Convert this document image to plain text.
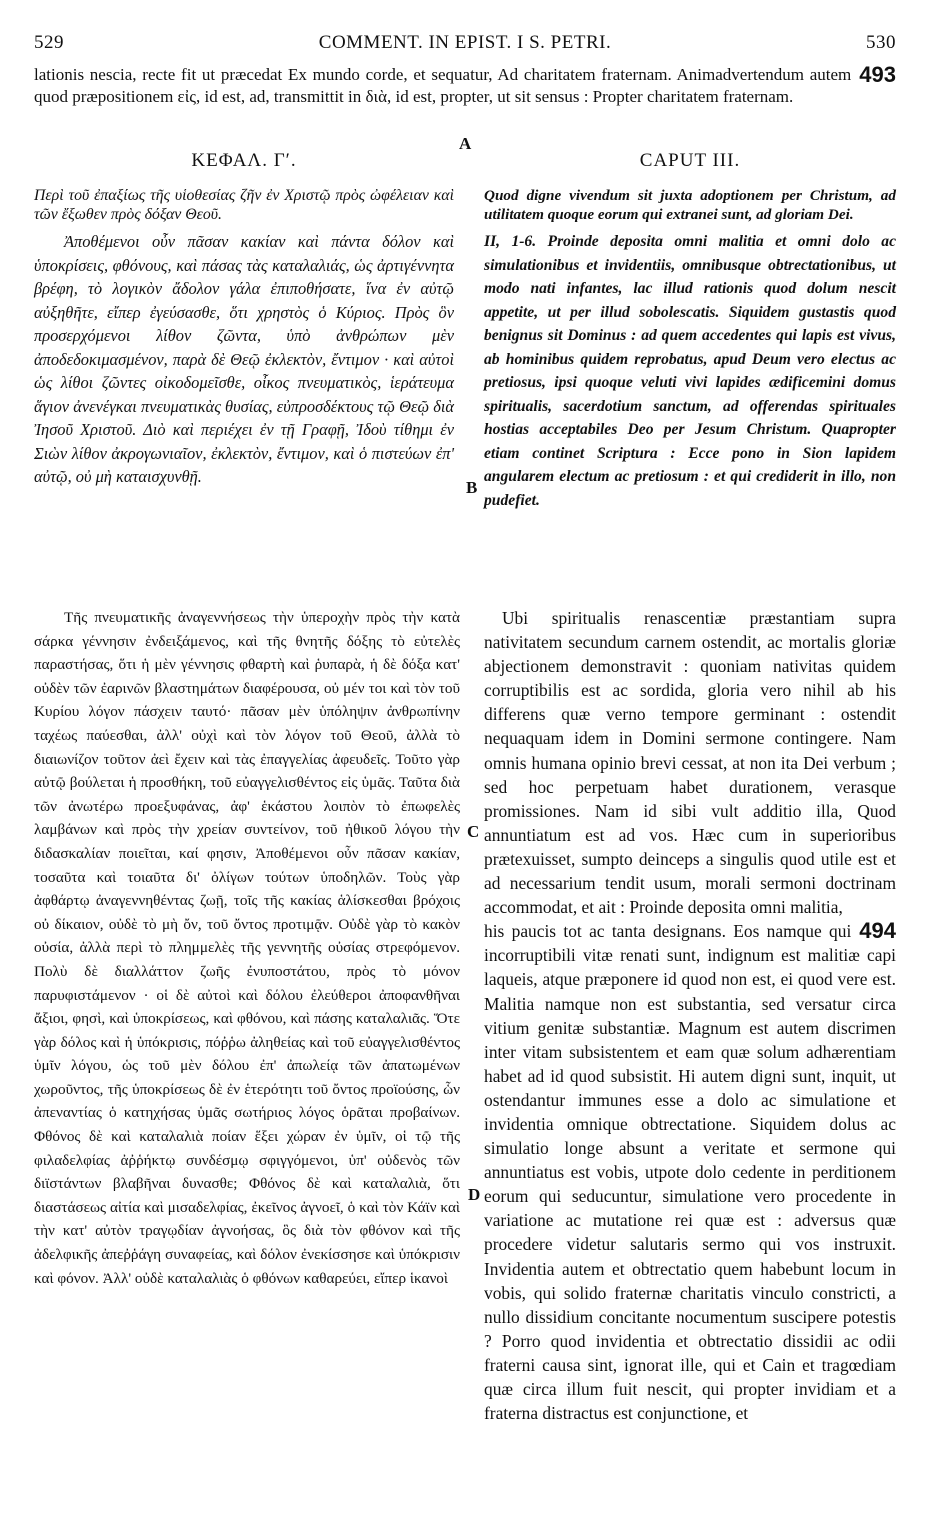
529	COMMENT. IN EPIST. I S. PETRI.	530
493

lationis nescia, recte fit ut præcedat Ex mundo corde, et sequatur, Ad charitatem fraternam. Animadvertendum autem quod præpositionem εἰς, id est, ad, transmittit in διὰ, id est, propter, ut sit sensus : Propter charitatem fraternam.

A
B
C
D
ΚΕΦΑΛ. Γʹ.	CAPUT III.

Περὶ τοῦ ἐπαξίως τῆς υἱοθεσίας ζῆν ἐν Χριστῷ πρὸς ὠφέλειαν καὶ τῶν ἔξωθεν πρὸς δόξαν Θεοῦ.

Ἀποθέμενοι οὖν πᾶσαν κακίαν καὶ πάντα δόλον καὶ ὑποκρίσεις, φθόνους, καὶ πάσας τὰς καταλαλιάς, ὡς ἀρτιγέννητα βρέφη, τὸ λογικὸν ἄδολον γάλα ἐπιποθήσατε, ἵνα ἐν αὐτῷ αὐξηθῆτε, εἴπερ ἐγεύσασθε, ὅτι χρηστὸς ὁ Κύριος. Πρὸς ὃν προσερχόμενοι λίθον ζῶντα, ὑπὸ ἀνθρώπων μὲν ἀποδεδοκιμασμένον, παρὰ δὲ Θεῷ ἐκλεκτὸν, ἔντιμον · καὶ αὐτοὶ ὡς λίθοι ζῶντες οἰκοδομεῖσθε, οἶκος πνευματικὸς, ἱεράτευμα ἅγιον ἀνενέγκαι πνευματικὰς θυσίας, εὐπροσδέκτους τῷ Θεῷ διὰ Ἰησοῦ Χριστοῦ. Διὸ καὶ περιέχει ἐν τῇ Γραφῇ, Ἰδοὺ τίθημι ἐν Σιὼν λίθον ἀκρογωνιαῖον, ἐκλεκτὸν, ἔντιμον, καὶ ὁ πιστεύων ἐπ' αὐτῷ, οὐ μὴ καταισχυνθῇ.

Quod digne vivendum sit juxta adoptionem per Christum, ad utilitatem quoque eorum qui extranei sunt, ad gloriam Dei.

II, 1-6. Proinde deposita omni malitia et omni dolo ac simulationibus et invidentiis, omnibusque obtrectationibus, ut modo nati infantes, lac illud rationis quod dolum nescit appetite, ut per illud sobolescatis. Siquidem gustastis quod benignus sit Dominus : ad quem accedentes qui lapis est vivus, ab hominibus quidem reprobatus, apud Deum vero electus ac pretiosus, ipsi quoque veluti vivi lapides ædificemini domus spiritualis, sacerdotium sanctum, ad offerendas spirituales hostias acceptabiles Deo per Jesum Christum. Quapropter etiam continet Scriptura : Ecce pono in Sion lapidem angularem electum ac pretiosum : et qui crediderit in illo, non pudefiet.

Τῆς πνευματικῆς ἀναγεννήσεως τὴν ὑπεροχὴν πρὸς τὴν κατὰ σάρκα γέννησιν ἐνδειξάμενος, καὶ τῆς θνητῆς δόξης τὸ εὐτελὲς παραστήσας, ὅτι ἡ μὲν γέννησις φθαρτὴ καὶ ῥυπαρὰ, ἡ δὲ δόξα κατ' οὐδὲν τῶν ἐαρινῶν βλαστημάτων διαφέρουσα, οὐ μέν τοι καὶ τὸν τοῦ Κυρίου λόγον πάσχειν ταυτό· πᾶσαν μὲν ὑπόληψιν ἀνθρωπίνην ταχέως παύεσθαι, ἀλλ' οὐχὶ καὶ τὸν λόγον τοῦ Θεοῦ, ἀλλὰ τὸ διαιωνίζον τοῦτον ἀεὶ ἔχειν καὶ τὰς ἐπαγγελίας ἀφευδεῖς. Τοῦτο γὰρ αὐτῷ βούλεται ἡ προσθήκη, τοῦ εὐαγγελισθέντος εἰς ὑμᾶς. Ταῦτα διὰ τῶν ἀνωτέρω προεξυφάνας, ἀφ' ἑκάστου λοιπὸν τὸ ἐπωφελὲς λαμβάνων καὶ πρὸς τὴν χρείαν συντείνον, τοῦ ἠθικοῦ λόγου τὴν διδασκαλίαν ποιεῖται, καί φησιν, Ἀποθέμενοι οὖν πᾶσαν κακίαν, τοσαῦτα καὶ τοιαῦτα δι' ὀλίγων τούτων ὑποδηλῶν. Τοὺς γὰρ ἀφθάρτῳ ἀναγεννηθέντας ζωῇ, τοῖς τῆς κακίας ἁλίσκεσθαι βρόχοις οὐ δίκαιον, οὐδὲ τὸ μὴ ὄν, τοῦ ὄντος προτιμᾷν. Οὐδὲ γὰρ τὸ κακὸν οὐσία, ἀλλὰ περὶ τὸ πλημμελὲς τῆς γεννητῆς οὐσίας στρεφόμενον. Πολὺ δὲ διαλλάττον ζωῆς ἐνυποστάτου, πρὸς τὸ μόνον παρυφιστάμενον · οἱ δὲ αὐτοὶ καὶ δόλου ἐλεύθεροι ἀποφανθῆναι ἄξιοι, φησὶ, καὶ ὑποκρίσεως, καὶ φθόνου, καὶ πάσης καταλαλιᾶς. Ὅτε γὰρ δόλος καὶ ἡ ὑπόκρισις, πόῤῥω ἀληθείας καὶ τοῦ εὐαγγελισθέντος ὑμῖν λόγου, ὡς τοῦ μὲν δόλου ἐπ' ἀπωλείᾳ τῶν ἀπατωμένων χωροῦντος, τῆς ὑποκρίσεως δὲ ἐν ἑτερότητι τοῦ ὄντος προϊούσης, ὧν ἀπεναντίας ὁ κατηχήσας ὑμᾶς σωτήριος λόγος ὁρᾶται προβαίνων. Φθόνος δὲ καὶ καταλαλιὰ ποίαν ἕξει χώραν ἐν ὑμῖν, οἱ τῷ τῆς φιλαδελφίας ἀῤῥήκτῳ συνδέσμῳ σφιγγόμενοι, ὑπ' οὐδενὸς τῶν διϊστάντων βλαβῆναι δυνασθε; Φθόνος δὲ καὶ καταλαλιὰ, ὅτι διαστάσεως αἰτία καὶ μισαδελφίας, ἐκεῖνος ἀγνοεῖ, ὁ καὶ τὸν Κάϊν καὶ τὴν κατ' αὐτὸν τραγῳδίαν ἀγνοήσας, ὃς διὰ τὸν φθόνον καὶ τῆς ἀδελφικῆς ἀπεῤῥάγη συναφείας, καὶ δόλον ἐνεκίσσησε καὶ ὑπόκρισιν καὶ φόνον. Ἀλλ' οὐδὲ καταλαλιὰς ὁ φθόνων καθαρεύει, εἴπερ ἱκανοὶ

Ubi spiritualis renascentiæ præstantiam supra nativitatem secundum carnem ostendit, ac mortalis gloriæ abjectionem demonstravit : quoniam nativitas quidem corruptibilis est ac sordida, gloria vero nihil ab his differens quæ verno tempore germinant : ostendit nequaquam idem in Domini sermone contingere. Nam omnis humana opinio brevi cessat, at non ita Dei verbum ; sed hoc perpetuam habet durationem, verasque promissiones. Nam id sibi vult additio illa, Quod annuntiatum est ad vos. Hæc cum in superioribus prætexuisset, sumpto deinceps a singulis quod utile est et ad necessarium tendit usum, morali sermoni doctrinam accommodat, et ait : Proinde deposita omni malitia,

494
his paucis tot ac tanta designans. Eos namque qui incorruptibili vitæ renati sunt, indignum est malitiæ capi laqueis, atque præponere id quod non est, ei quod vere est. Malitia namque non est substantia, sed versatur circa vitium genitæ substantiæ. Magnum est autem discrimen inter vitam subsistentem et eam quæ solum adhærentiam habet ad id quod subsistit. Hi autem digni sunt, inquit, ut ostendantur immunes esse a dolo ac simulatione et invidentia omnique obtrectatione. Siquidem dolus ac simulatio longe absunt a veritate et sermone qui annuntiatus est vobis, utpote dolo cedente in perditionem eorum qui seducuntur, simulatione vero procedente in variatione ac mutatione rei quæ est : adversus quæ procedere videtur salutaris sermo qui vos instruxit. Invidentia autem et obtrectatio quem habebunt locum in vobis, qui solido fraternæ charitatis vinculo constricti, a nullo dissidium concitante nocumentum suscipere potestis ? Porro quod invidentia et obtrectatio dissidii ac odii fraterni causa sint, ignorat ille, qui et Cain et tragœdiam quæ circa illum fuit nescit, qui propter invidiam et a fraterna distractus est conjunctione, et
